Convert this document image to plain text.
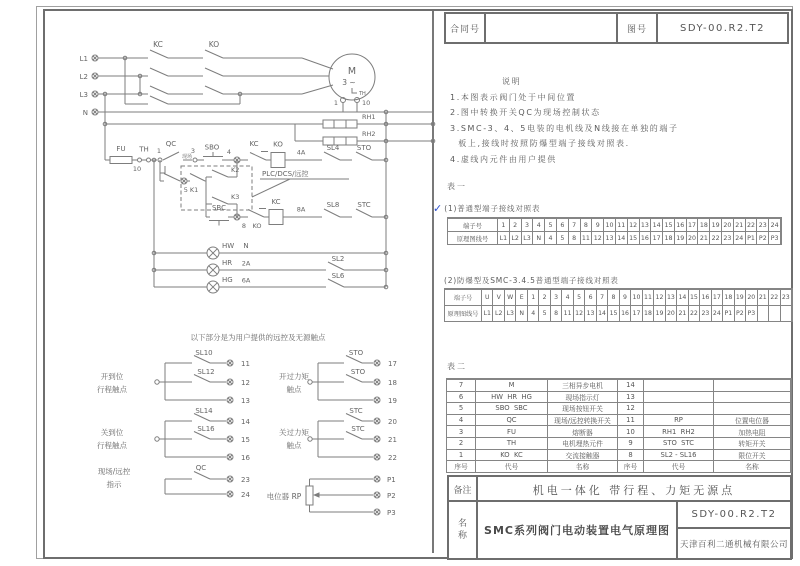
L1
L2
L3
N
KC	KO
M
3 ~
TH
1	10
RH1
RH2
FU TH
10
1
QC
现场
3 SBO
4
KC KO
4A
SL4 STO
5 K1
K2
K3
PLC/DCS/远控
SBC
8 KO
KC
8A
SL8	STC
HW N
HR 2A
SL2
HG 6A
SL6
以下部分是为用户提供的远控及无源触点
开到位
行程触点
SL10
11
SL12
12
13
开过力矩
触点
STO
17
STO
18
19
关到位
行程触点
SL14
14
SL16
15
16
关过力矩
触点
STC
20
STC
21
22
现场/远控
指示
QC
23
24 电位器 RP
P1
P2
P3
合同号	图号	SDY-00.R2.T2
说明
1.本图表示阀门处于中间位置
2.图中转换开关QC为现场控制状态
3.SMC-3、4、5电装的电机线及N线接在单独的端子
板上,接线时按照防爆型端子接线对照表.
4.虚线内元件由用户提供
表一
✓ (1)普通型端子接线对照表
端子号	1	2	3	4	5	6	7	8	9 10 11 12 13 14 15 16 17 18 19 20 21 22 23 24
原理图线号	L1 L2 L3 N	4	5	8 11 12 13 14 15 16 17 18 19 20 21 22 23 24 P1 P2 P3
(2)防爆型及SMC-3.4.5普通型端子接线对照表
端子号	U	V	W	E	1	2	3	4	5	6	7	8	9 10 11 12 13 14 15 16 17 18 19 20 21 22 23
原理图线号 L1 L2 L3 N	4	5	8 11 12 13 14 15 16 17 18 19 20 21 22 23 24 P1 P2 P3
表二
7	M	三相异步电机	14
6	HW  HR  HG	现场指示灯	13
5	SBO  SBC	现场按钮开关	12
4	QC	现场/远控转换开关	11	RP	位置电位器
3	FU	熔断器	10	RH1  RH2	加热电阻
2	TH	电机埋热元件	9	STO  STC	转矩开关
1	KO  KC	交流接触器	8	SL2 - SL16	限位开关
序号	代号	名称	序号	代号	名称
备注	机电一体化 带行程、力矩无源点
名
称	SMC系列阀门电动装置电气原理图
SDY-00.R2.T2
天津百利二通机械有限公司
